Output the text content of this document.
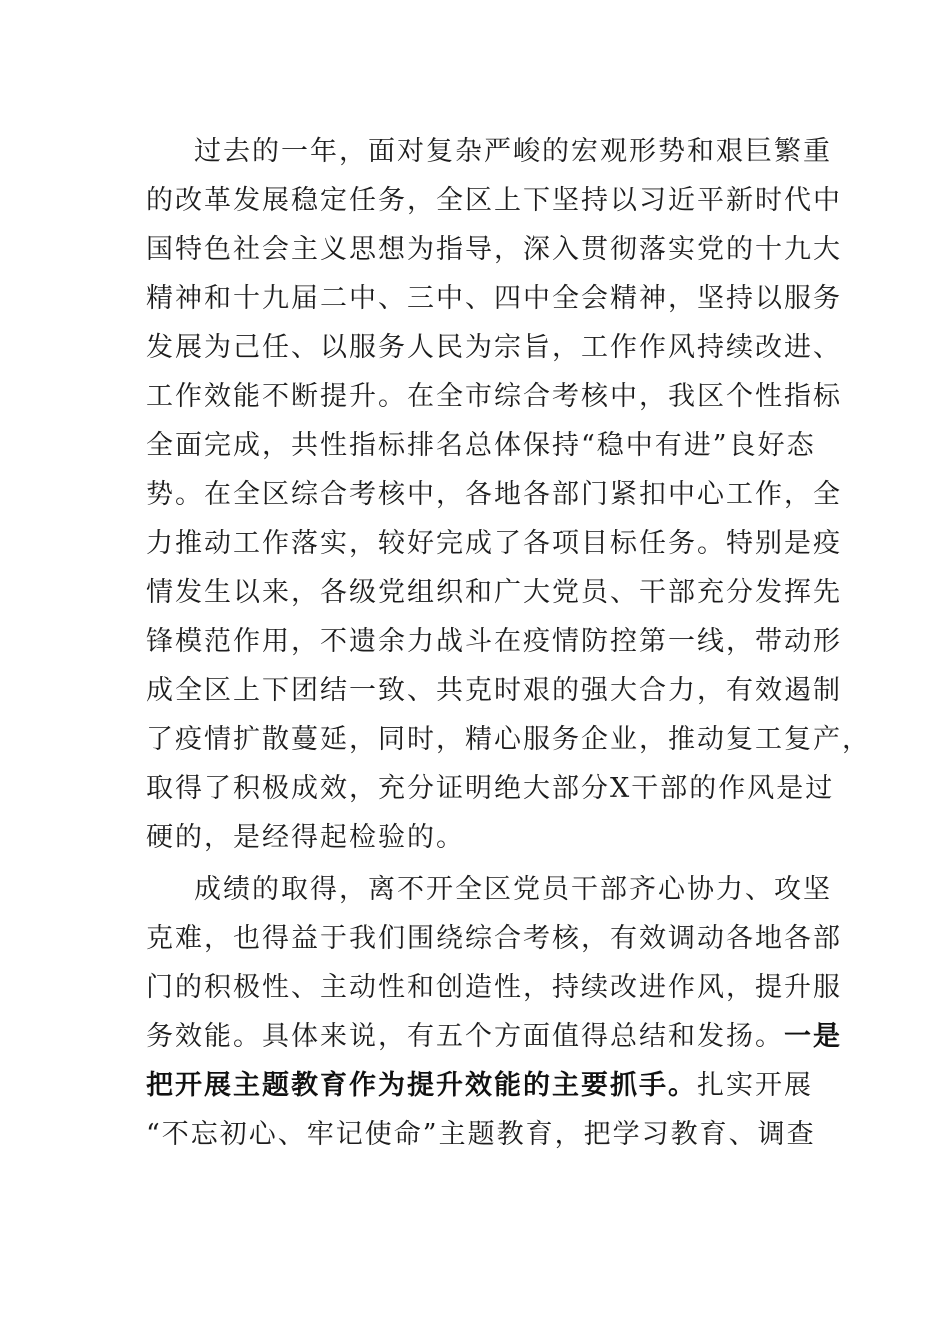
过去的一年，面对复杂严峻的宏观形势和艰巨繁重
的改革发展稳定任务，全区上下坚持以习近平新时代中
国特色社会主义思想为指导，深入贯彻落实党的十九大
精神和十九届二中、三中、四中全会精神，坚持以服务
发展为己任、以服务人民为宗旨，工作作风持续改进、
工作效能不断提升。在全市综合考核中，我区个性指标
全面完成，共性指标排名总体保持“稳中有进”良好态
势。在全区综合考核中，各地各部门紧扣中心工作，全
力推动工作落实，较好完成了各项目标任务。特别是疫
情发生以来，各级党组织和广大党员、干部充分发挥先
锋模范作用，不遗余力战斗在疫情防控第一线，带动形
成全区上下团结一致、共克时艰的强大合力，有效遏制
了疫情扩散蔓延，同时，精心服务企业，推动复工复产，
取得了积极成效，充分证明绝大部分X干部的作风是过
硬的，是经得起检验的。
成绩的取得，离不开全区党员干部齐心协力、攻坚
克难，也得益于我们围绕综合考核，有效调动各地各部
门的积极性、主动性和创造性，持续改进作风，提升服
务效能。具体来说，有五个方面值得总结和发扬。一是
把开展主题教育作为提升效能的主要抓手。扎实开展
“不忘初心、牢记使命”主题教育，把学习教育、调查
